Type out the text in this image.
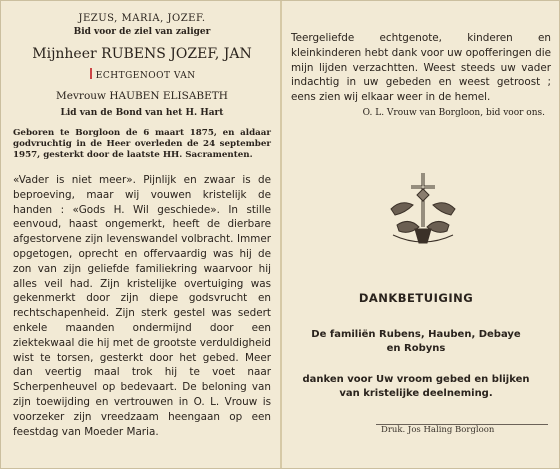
JEZUS, MARIA, JOZEF.
Bid voor de ziel van zaliger
Mijnheer RUBENS JOZEF, JAN
ECHTGENOOT VAN
Mevrouw HAUBEN ELISABETH
Lid van de Bond van het H. Hart
Geboren te Borgloon de 6 maart 1875, en aldaar godvruchtig in de Heer overleden de 24 september 1957, gesterkt door de laatste HH. Sacramenten.
«Vader is niet meer». Pijnlijk en zwaar is de beproeving, maar wij vouwen kristelijk de handen : «Gods H. Wil geschiede». In stille eenvoud, haast ongemerkt, heeft de dierbare afgestorvene zijn levenswandel volbracht. Immer opgetogen, oprecht en offervaardig was hij de zon van zijn geliefde familiekring waarvoor hij alles veil had. Zijn kristelijke overtuiging was gekenmerkt door zijn diepe godsvrucht en rechtschapenheid. Zijn sterk gestel was sedert enkele maanden ondermijnd door een ziektekwaal die hij met de grootste verduldigheid wist te torsen, gesterkt door het gebed. Meer dan veertig maal trok hij te voet naar Scherpenheuvel op bedevaart. De beloning van zijn toewijding en vertrouwen in O. L. Vrouw is voorzeker zijn vreedzaam heengaan op een feestdag van Moeder Maria.
Teergeliefde echtgenote, kinderen en kleinkinderen hebt dank voor uw opofferingen die mijn lijden verzachtten. Weest steeds uw vader indachtig in uw gebeden en weest getroost ; eens zien wij elkaar weer in de hemel.
O. L. Vrouw van Borgloon, bid voor ons.
DANKBETUIGING
De familiën Rubens, Hauben, Debaye
en Robyns
danken voor Uw vroom gebed en blijken
van kristelijke deelneming.
Druk. Jos Haling Borgloon
